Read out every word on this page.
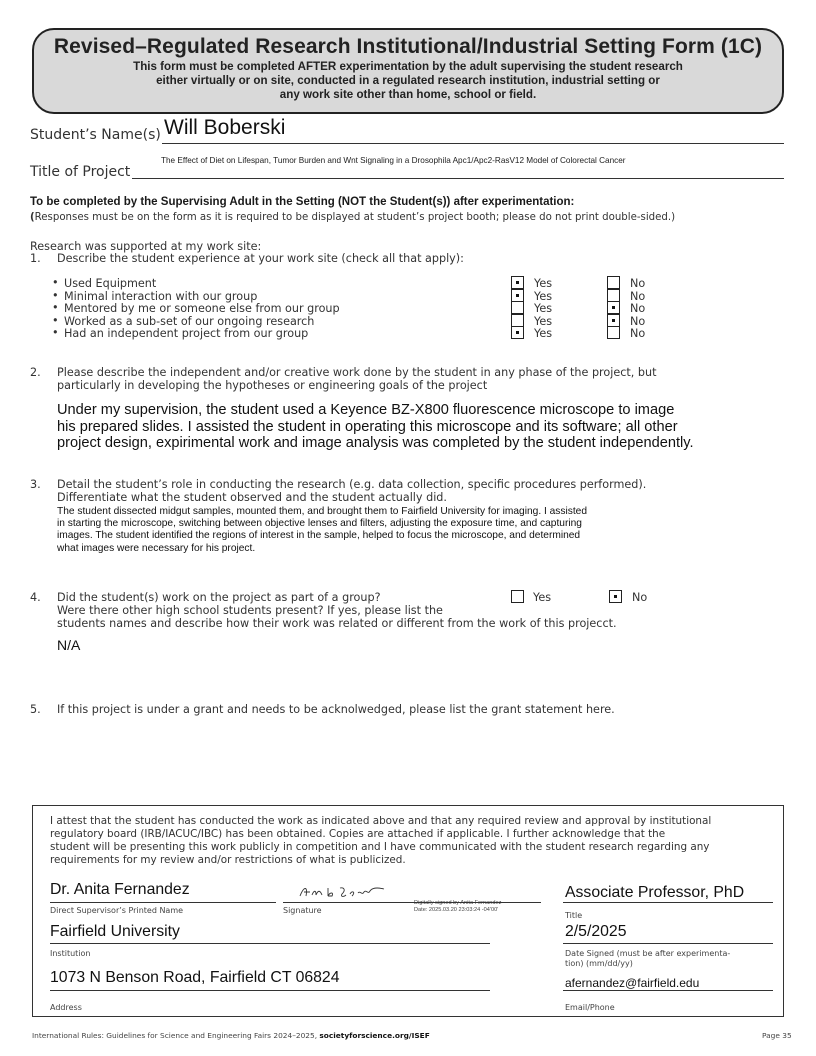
Revised–Regulated Research Institutional/Industrial Setting Form (1C)
This form must be completed AFTER experimentation by the adult supervising the student research
either virtually or on site, conducted in a regulated research institution, industrial setting or
any work site other than home, school or field.
Student’s Name(s) Will Boberski
Title of Project
The Effect of Diet on Lifespan, Tumor Burden and Wnt Signaling in a Drosophila Apc1/Apc2-RasV12 Model of Colorectal Cancer
To be completed by the Supervising Adult in the Setting (NOT the Student(s)) after experimentation:
(Responses must be on the form as it is required to be displayed at student’s project booth; please do not print double-sided.)
Research was supported at my work site:
1. Describe the student experience at your work site (check all that apply):
• Used Equipment	Yes	No
• Minimal interaction with our group	Yes	No
• Mentored by me or someone else from our group	Yes	No
• Worked as a sub-set of our ongoing research	Yes	No
• Had an independent project from our group	Yes	No
2. Please describe the independent and/or creative work done by the student in any phase of the project, but
particularly in developing the hypotheses or engineering goals of the project
Under my supervision, the student used a Keyence BZ-X800 fluorescence microscope to image
his prepared slides. I assisted the student in operating this microscope and its software; all other
project design, expirimental work and image analysis was completed by the student independently.
3. Detail the student’s role in conducting the research (e.g. data collection, specific procedures performed).
Differentiate what the student observed and the student actually did.
The student dissected midgut samples, mounted them, and brought them to Fairfield University for imaging. I assisted
in starting the microscope, switching between objective lenses and filters, adjusting the exposure time, and capturing
images. The student identified the regions of interest in the sample, helped to focus the microscope, and determined
what images were necessary for his project.
4. Did the student(s) work on the project as part of a group?
Were there other high school students present? If yes, please list the
students names and describe how their work was related or different from the work of this projecct.
Yes	No
N/A
5. If this project is under a grant and needs to be acknolwedged, please list the grant statement here.
I attest that the student has conducted the work as indicated above and that any required review and approval by institutional
regulatory board (IRB/IACUC/IBC) has been obtained. Copies are attached if applicable. I further acknowledge that the
student will be presenting this work publicly in competition and I have communicated with the student research regarding any
requirements for my review and/or restrictions of what is publicized.
Dr. Anita Fernandez
Direct Supervisor’s Printed Name
Anita Fernandez
Digitally signed by Anita Fernandez
Date: 2025.03.20 23:03:24 -04'00'
Signature
Associate Professor, PhD
Title
Fairfield University
Institution
2/5/2025
Date Signed (must be after experimenta-
tion) (mm/dd/yy)
1073 N Benson Road, Fairfield CT 06824
Address
afernandez@fairfield.edu
Email/Phone
International Rules: Guidelines for Science and Engineering Fairs 2024–2025, societyforscience.org/ISEF	Page 35
